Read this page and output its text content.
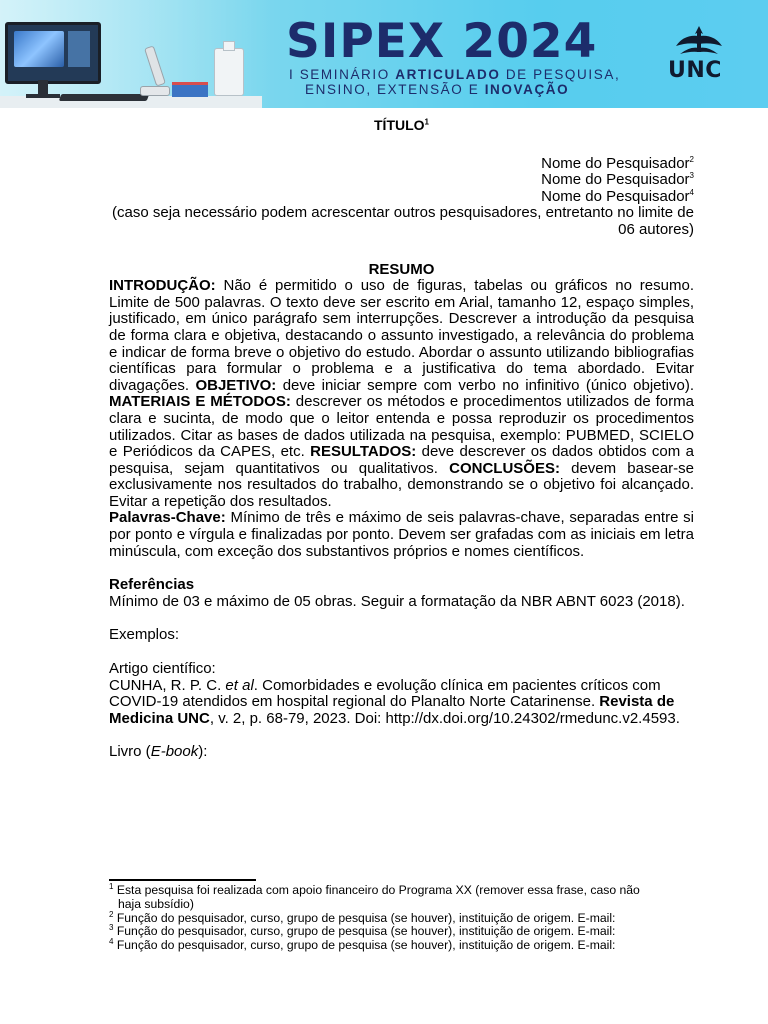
SIPEX 2024

I SEMINÁRIO ARTICULADO DE PESQUISA,

ENSINO, EXTENSÃO E INOVAÇÃO

UNC

TÍTULO$^1$
Nome do Pesquisador$^2$
Nome do Pesquisador$^3$
Nome do Pesquisador$^4$
(caso seja necessário podem acrescentar outros pesquisadores, entretanto no limite de 06 autores)
RESUMO

INTRODUÇÃO: Não é permitido o uso de figuras, tabelas ou gráficos no resumo. Limite de 500 palavras. O texto deve ser escrito em Arial, tamanho 12, espaço simples, justificado, em único parágrafo sem interrupções. Descrever a introdução da pesquisa de forma clara e objetiva, destacando o assunto investigado, a relevância do problema e indicar de forma breve o objetivo do estudo. Abordar o assunto utilizando bibliografias científicas para formular o problema e a justificativa do tema abordado. Evitar divagações. OBJETIVO: deve iniciar sempre com verbo no infinitivo (único objetivo). MATERIAIS E MÉTODOS: descrever os métodos e procedimentos utilizados de forma clara e sucinta, de modo que o leitor entenda e possa reproduzir os procedimentos utilizados. Citar as bases de dados utilizada na pesquisa, exemplo: PUBMED, SCIELO e Periódicos da CAPES, etc. RESULTADOS: deve descrever os dados obtidos com a pesquisa, sejam quantitativos ou qualitativos. CONCLUSÕES: devem basear-se exclusivamente nos resultados do trabalho, demonstrando se o objetivo foi alcançado. Evitar a repetição dos resultados.

Palavras-Chave: Mínimo de três e máximo de seis palavras-chave, separadas entre si por ponto e vírgula e finalizadas por ponto. Devem ser grafadas com as iniciais em letra minúscula, com exceção dos substantivos próprios e nomes científicos.

Referências

Mínimo de 03 e máximo de 05 obras. Seguir a formatação da NBR ABNT 6023 (2018).

Exemplos:

Artigo científico:

CUNHA, R. P. C. et al. Comorbidades e evolução clínica em pacientes críticos com COVID-19 atendidos em hospital regional do Planalto Norte Catarinense. Revista de Medicina UNC, v. 2, p. 68-79, 2023. Doi: http://dx.doi.org/10.24302/rmedunc.v2.4593.

Livro (E-book):

$^1$ Esta pesquisa foi realizada com apoio financeiro do Programa XX (remover essa frase, caso não
haja subsídio)
$^2$ Função do pesquisador, curso, grupo de pesquisa (se houver), instituição de origem. E-mail:
$^3$ Função do pesquisador, curso, grupo de pesquisa (se houver), instituição de origem. E-mail:
$^4$ Função do pesquisador, curso, grupo de pesquisa (se houver), instituição de origem. E-mail:
